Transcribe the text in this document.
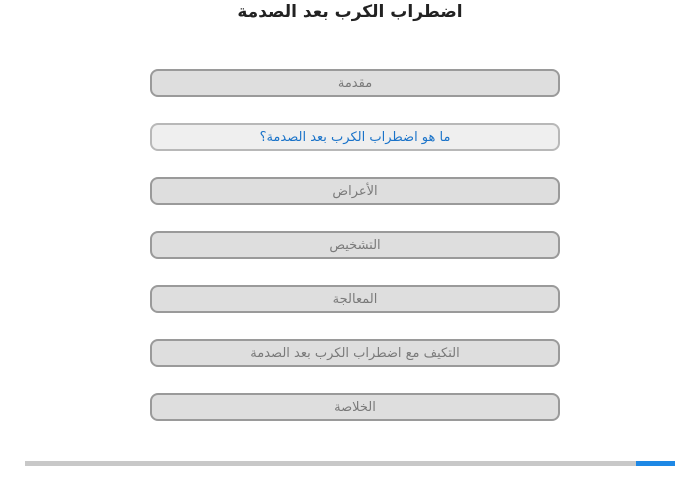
اضطراب الكرب بعد الصدمة
مقدمة
ما هو اضطراب الكرب بعد الصدمة؟
الأعراض
التشخيص
المعالجة
التكيف مع اضطراب الكرب بعد الصدمة
الخلاصة
